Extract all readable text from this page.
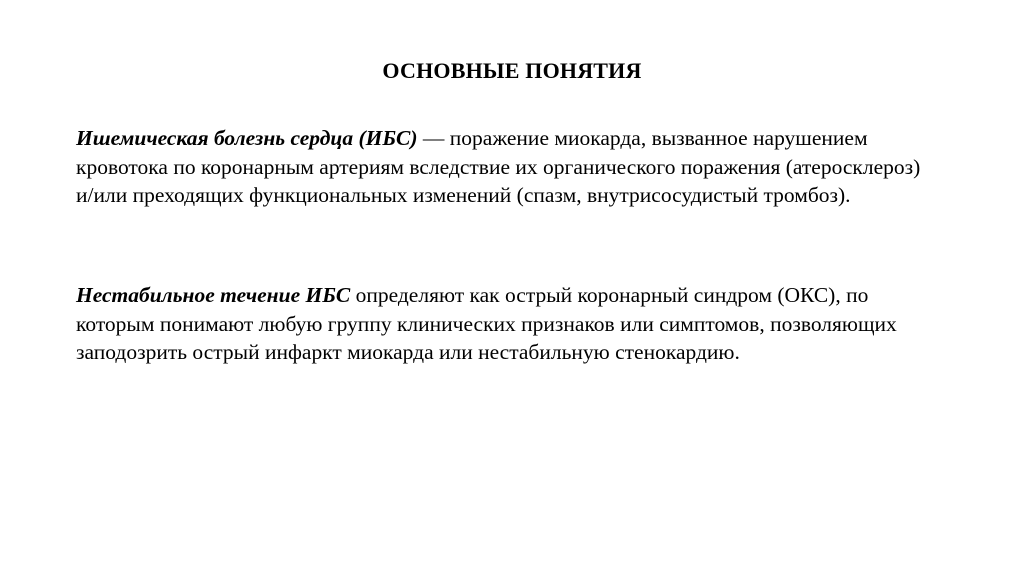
ОСНОВНЫЕ ПОНЯТИЯ

Ишемическая болезнь сердца (ИБС) — поражение миокарда, вызванное нарушением кровотока по коронарным артериям вследствие их органического поражения (атеросклероз) и/или преходящих функциональных изменений (спазм, внутрисосудистый тромбоз).

Нестабильное течение ИБС определяют как острый коронарный синдром (ОКС), по которым понимают любую группу клинических признаков или симптомов, позволяющих заподозрить острый инфаркт миокарда или нестабильную стенокардию.
